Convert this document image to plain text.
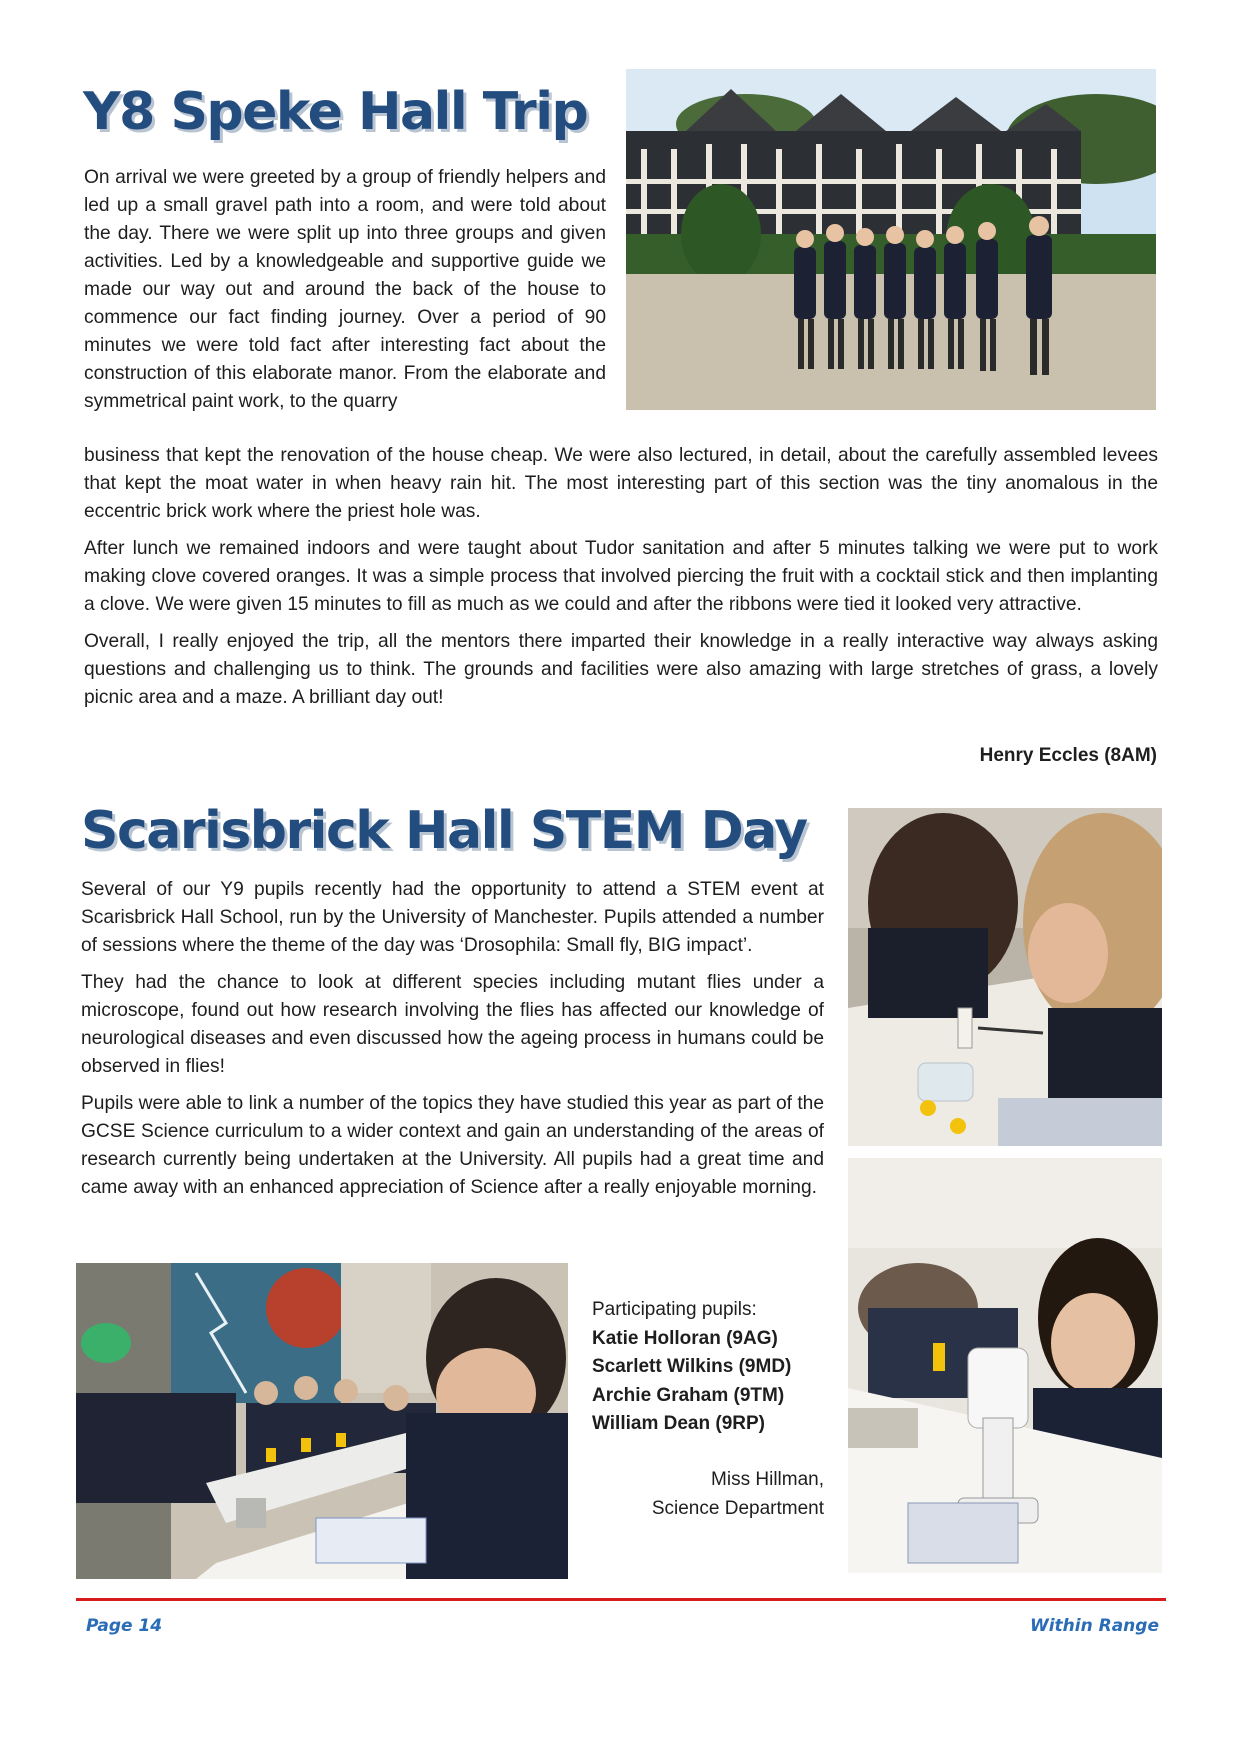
Y8 Speke Hall Trip

On arrival we were greeted by a group of friendly helpers and led up a small gravel path into a room, and were told about the day. There we were split up into three groups and given activities. Led by a knowledgeable and supportive guide we made our way out and around the back of the house to commence our fact finding journey. Over a period of 90 minutes we were told fact after interesting fact about the construction of this elaborate manor. From the elaborate and symmetrical paint work, to the quarry

business that kept the renovation of the house cheap. We were also lectured, in detail, about the carefully assembled levees that kept the moat water in when heavy rain hit. The most interesting part of this section was the tiny anomalous in the eccentric brick work where the priest hole was.

After lunch we remained indoors and were taught about Tudor sanitation and after 5 minutes talking we were put to work making clove covered oranges. It was a simple process that involved piercing the fruit with a cocktail stick and then implanting a clove. We were given 15 minutes to fill as much as we could and after the ribbons were tied it looked very attractive.

Overall, I really enjoyed the trip, all the mentors there imparted their knowledge in a really interactive way always asking questions and challenging us to think. The grounds and facilities were also amazing with large stretches of grass, a lovely picnic area and a maze. A brilliant day out!

Henry Eccles (8AM)
Scarisbrick Hall STEM Day

Several of our Y9 pupils recently had the opportunity to attend a STEM event at Scarisbrick Hall School, run by the University of Manchester. Pupils attended a number of sessions where the theme of the day was ‘Drosophila: Small fly, BIG impact’.

They had the chance to look at different species including mutant flies under a microscope, found out how research involving the flies has affected our knowledge of neurological diseases and even discussed how the ageing process in humans could be observed in flies!

Pupils were able to link a number of the topics they have studied this year as part of the GCSE Science curriculum to a wider context and gain an understanding of the areas of research currently being undertaken at the University. All pupils had a great time and came away with an enhanced appreciation of Science after a really enjoyable morning.

Participating pupils:
Katie Holloran (9AG)
Scarlett Wilkins (9MD)
Archie Graham (9TM)
William Dean (9RP)
Miss Hillman,
Science Department
Page 14	Within Range
